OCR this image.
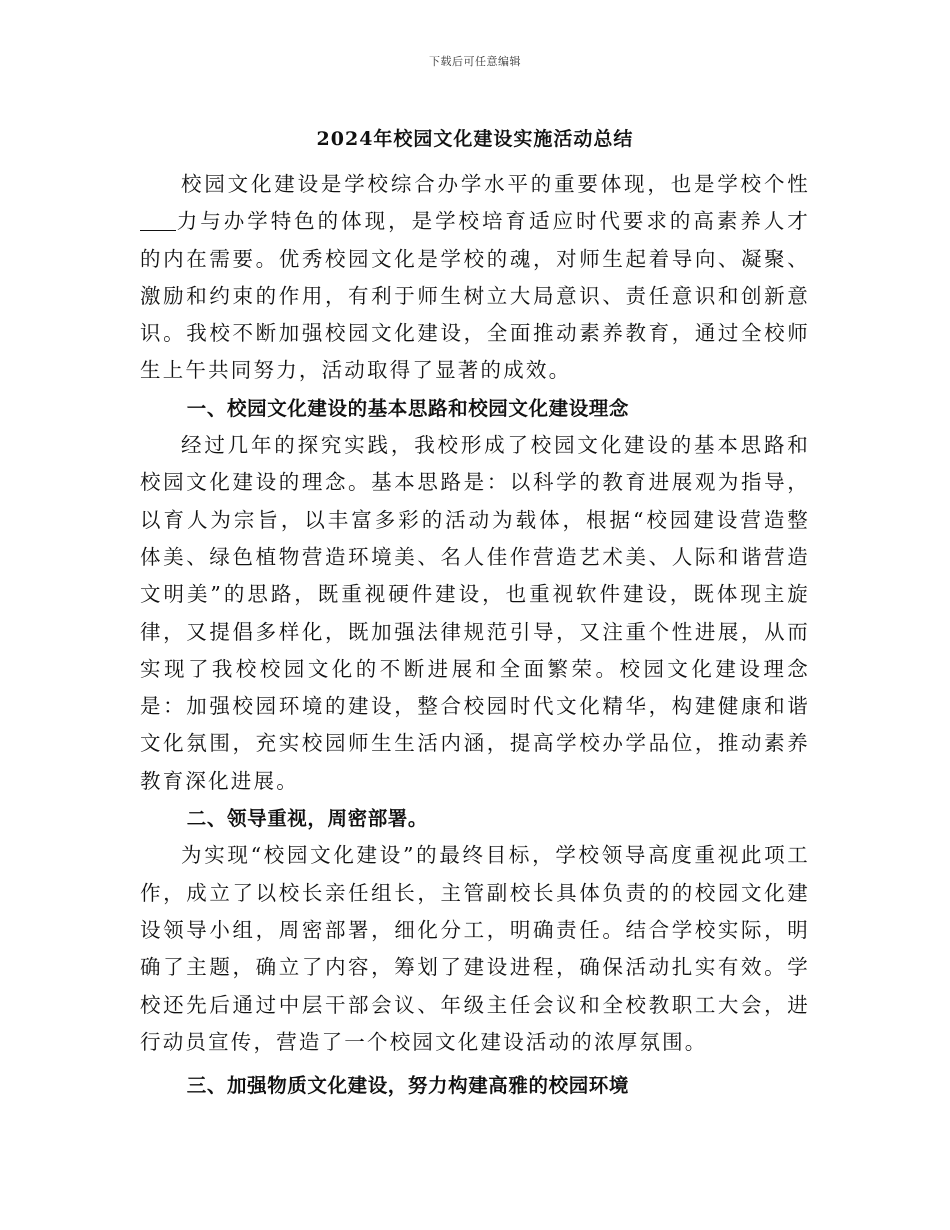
下载后可任意编辑
2024年校园文化建设实施活动总结

校园文化建设是学校综合办学水平的重要体现，也是学校个性力与办学特色的体现，是学校培育适应时代要求的高素养人才的内在需要。优秀校园文化是学校的魂，对师生起着导向、凝聚、激励和约束的作用，有利于师生树立大局意识、责任意识和创新意识。我校不断加强校园文化建设，全面推动素养教育，通过全校师生上午共同努力，活动取得了显著的成效。

一、校园文化建设的基本思路和校园文化建设理念

经过几年的探究实践，我校形成了校园文化建设的基本思路和校园文化建设的理念。基本思路是：以科学的教育进展观为指导，以育人为宗旨，以丰富多彩的活动为载体，根据“校园建设营造整体美、绿色植物营造环境美、名人佳作营造艺术美、人际和谐营造文明美”的思路，既重视硬件建设，也重视软件建设，既体现主旋律，又提倡多样化，既加强法律规范引导，又注重个性进展，从而实现了我校校园文化的不断进展和全面繁荣。校园文化建设理念是：加强校园环境的建设，整合校园时代文化精华，构建健康和谐文化氛围，充实校园师生生活内涵，提高学校办学品位，推动素养教育深化进展。

二、领导重视，周密部署。

为实现“校园文化建设”的最终目标，学校领导高度重视此项工作，成立了以校长亲任组长，主管副校长具体负责的的校园文化建设领导小组，周密部署，细化分工，明确责任。结合学校实际，明确了主题，确立了内容，筹划了建设进程，确保活动扎实有效。学校还先后通过中层干部会议、年级主任会议和全校教职工大会，进行动员宣传，营造了一个校园文化建设活动的浓厚氛围。

三、加强物质文化建设，努力构建高雅的校园环境
